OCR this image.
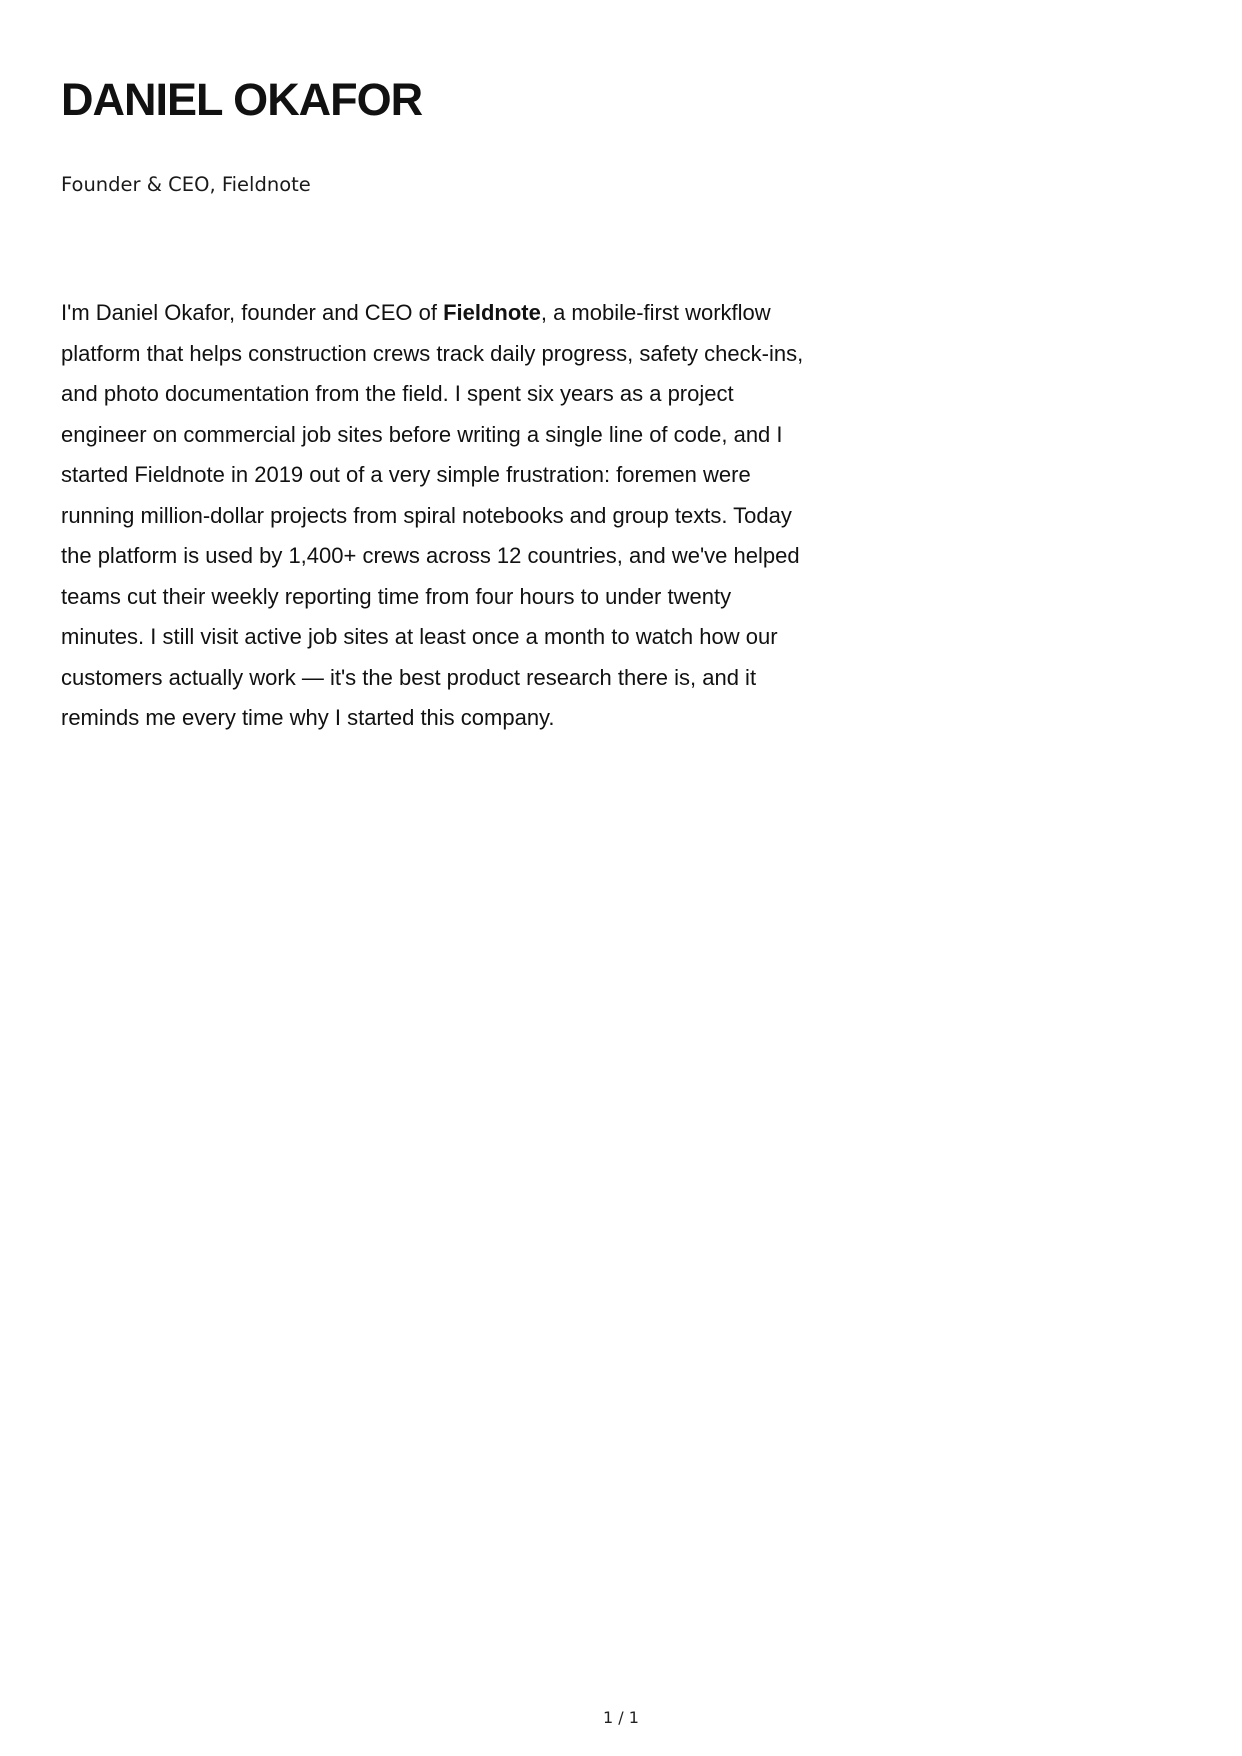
DANIEL OKAFOR

Founder & CEO, Fieldnote

I'm Daniel Okafor, founder and CEO of Fieldnote, a mobile-first workflow
platform that helps construction crews track daily progress, safety check-ins,
and photo documentation from the field. I spent six years as a project
engineer on commercial job sites before writing a single line of code, and I
started Fieldnote in 2019 out of a very simple frustration: foremen were
running million-dollar projects from spiral notebooks and group texts. Today
the platform is used by 1,400+ crews across 12 countries, and we've helped
teams cut their weekly reporting time from four hours to under twenty
minutes. I still visit active job sites at least once a month to watch how our
customers actually work — it's the best product research there is, and it
reminds me every time why I started this company.

1 / 1
